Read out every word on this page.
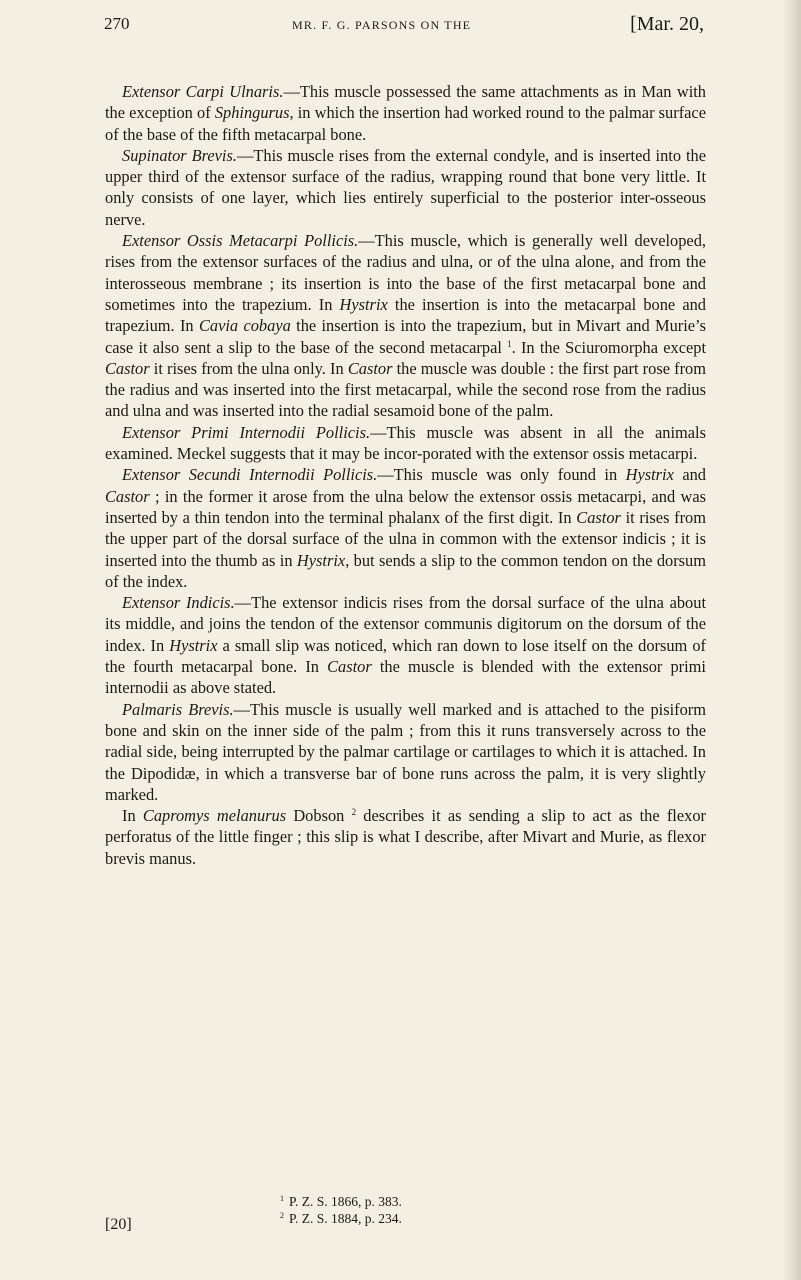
270	MR. F. G. PARSONS ON THE	[Mar. 20,

Extensor Carpi Ulnaris.—This muscle possessed the same attachments as in Man with the exception of Sphingurus, in which the insertion had worked round to the palmar surface of the base of the fifth metacarpal bone.

Supinator Brevis.—This muscle rises from the external condyle, and is inserted into the upper third of the extensor surface of the radius, wrapping round that bone very little. It only consists of one layer, which lies entirely superficial to the posterior inter-osseous nerve.

Extensor Ossis Metacarpi Pollicis.—This muscle, which is generally well developed, rises from the extensor surfaces of the radius and ulna, or of the ulna alone, and from the interosseous membrane ; its insertion is into the base of the first metacarpal bone and sometimes into the trapezium. In Hystrix the insertion is into the metacarpal bone and trapezium. In Cavia cobaya the insertion is into the trapezium, but in Mivart and Murie’s case it also sent a slip to the base of the second metacarpal $^1$. In the Sciuromorpha except Castor it rises from the ulna only. In Castor the muscle was double : the first part rose from the radius and was inserted into the first metacarpal, while the second rose from the radius and ulna and was inserted into the radial sesamoid bone of the palm.

Extensor Primi Internodii Pollicis.—This muscle was absent in all the animals examined. Meckel suggests that it may be incor-porated with the extensor ossis metacarpi.

Extensor Secundi Internodii Pollicis.—This muscle was only found in Hystrix and Castor ; in the former it arose from the ulna below the extensor ossis metacarpi, and was inserted by a thin tendon into the terminal phalanx of the first digit. In Castor it rises from the upper part of the dorsal surface of the ulna in common with the extensor indicis ; it is inserted into the thumb as in Hystrix, but sends a slip to the common tendon on the dorsum of the index.

Extensor Indicis.—The extensor indicis rises from the dorsal surface of the ulna about its middle, and joins the tendon of the extensor communis digitorum on the dorsum of the index. In Hystrix a small slip was noticed, which ran down to lose itself on the dorsum of the fourth metacarpal bone. In Castor the muscle is blended with the extensor primi internodii as above stated.

Palmaris Brevis.—This muscle is usually well marked and is attached to the pisiform bone and skin on the inner side of the palm ; from this it runs transversely across to the radial side, being interrupted by the palmar cartilage or cartilages to which it is attached. In the Dipodidæ, in which a transverse bar of bone runs across the palm, it is very slightly marked.

In Capromys melanurus Dobson $^2$ describes it as sending a slip to act as the flexor perforatus of the little finger ; this slip is what I describe, after Mivart and Murie, as flexor brevis manus.

$^1$ P. Z. S. 1866, p. 383.
$^2$ P. Z. S. 1884, p. 234.
[20]
